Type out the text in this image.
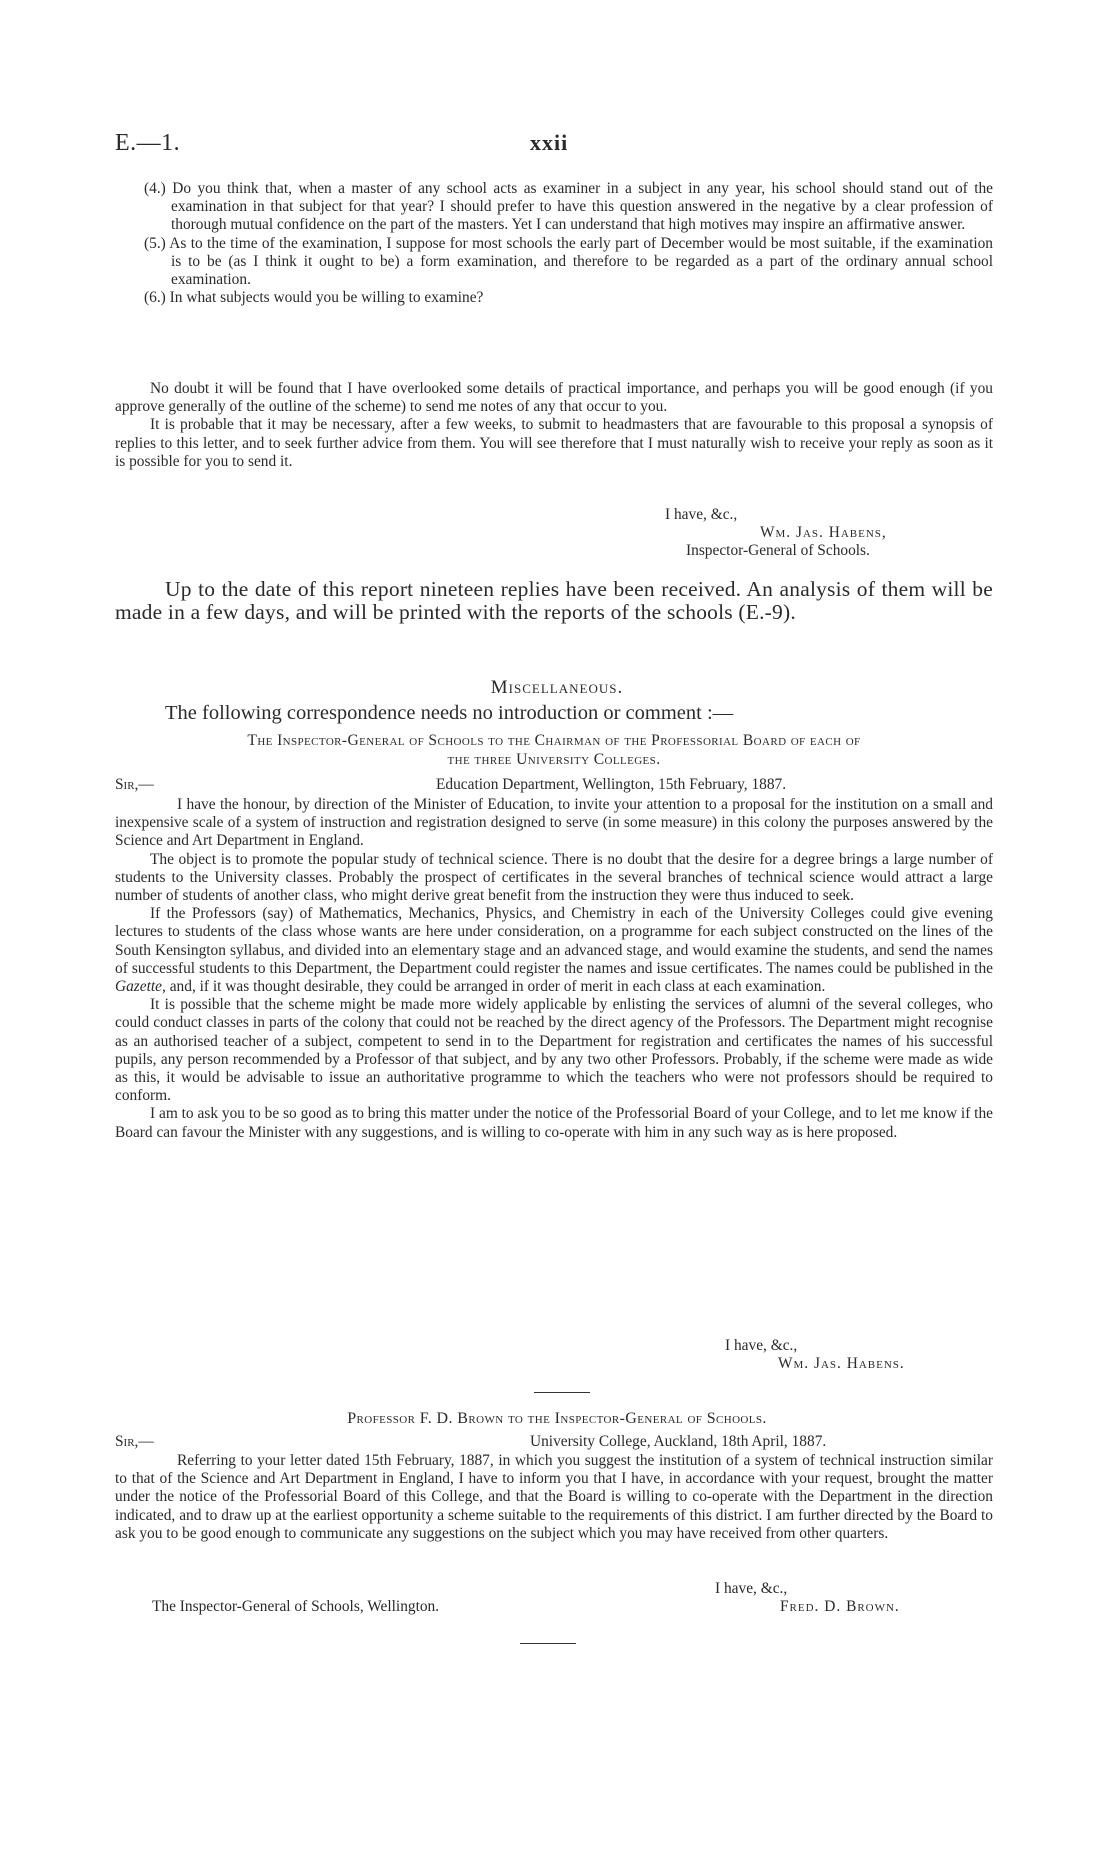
E.—1.	xxii
(4.) Do you think that, when a master of any school acts as examiner in a subject in any year, his school should stand out of the examination in that subject for that year? I should prefer to have this question answered in the negative by a clear profession of thorough mutual confidence on the part of the masters. Yet I can understand that high motives may inspire an affirmative answer.
(5.) As to the time of the examination, I suppose for most schools the early part of December would be most suitable, if the examination is to be (as I think it ought to be) a form examination, and therefore to be regarded as a part of the ordinary annual school examination.
(6.) In what subjects would you be willing to examine?

No doubt it will be found that I have overlooked some details of practical importance, and perhaps you will be good enough (if you approve generally of the outline of the scheme) to send me notes of any that occur to you.

It is probable that it may be necessary, after a few weeks, to submit to headmasters that are favourable to this proposal a synopsis of replies to this letter, and to seek further advice from them. You will see therefore that I must naturally wish to receive your reply as soon as it is possible for you to send it.

I have, &c.,
Wm. Jas. Habens,
Inspector-General of Schools.
Up to the date of this report nineteen replies have been received. An analysis of them will be made in a few days, and will be printed with the reports of the schools (E.-9).
Miscellaneous.
The following correspondence needs no introduction or comment :—
The Inspector-General of Schools to the Chairman of the Professorial Board of each of
the three University Colleges.
Sir,—	Education Department, Wellington, 15th February, 1887.

I have the honour, by direction of the Minister of Education, to invite your attention to a proposal for the institution on a small and inexpensive scale of a system of instruction and registration designed to serve (in some measure) in this colony the purposes answered by the Science and Art Department in England.

The object is to promote the popular study of technical science. There is no doubt that the desire for a degree brings a large number of students to the University classes. Probably the prospect of certificates in the several branches of technical science would attract a large number of students of another class, who might derive great benefit from the instruction they were thus induced to seek.

If the Professors (say) of Mathematics, Mechanics, Physics, and Chemistry in each of the University Colleges could give evening lectures to students of the class whose wants are here under consideration, on a programme for each subject constructed on the lines of the South Kensington syllabus, and divided into an elementary stage and an advanced stage, and would examine the students, and send the names of successful students to this Department, the Department could register the names and issue certificates. The names could be published in the Gazette, and, if it was thought desirable, they could be arranged in order of merit in each class at each examination.

It is possible that the scheme might be made more widely applicable by enlisting the services of alumni of the several colleges, who could conduct classes in parts of the colony that could not be reached by the direct agency of the Professors. The Department might recognise as an authorised teacher of a subject, competent to send in to the Department for registration and certificates the names of his successful pupils, any person recommended by a Professor of that subject, and by any two other Professors. Probably, if the scheme were made as wide as this, it would be advisable to issue an authoritative programme to which the teachers who were not professors should be required to conform.

I am to ask you to be so good as to bring this matter under the notice of the Professorial Board of your College, and to let me know if the Board can favour the Minister with any suggestions, and is willing to co-operate with him in any such way as is here proposed.

I have, &c.,
Wm. Jas. Habens.
Professor F. D. Brown to the Inspector-General of Schools.
Sir,—	University College, Auckland, 18th April, 1887.

Referring to your letter dated 15th February, 1887, in which you suggest the institution of a system of technical instruction similar to that of the Science and Art Department in England, I have to inform you that I have, in accordance with your request, brought the matter under the notice of the Professorial Board of this College, and that the Board is willing to co-operate with the Department in the direction indicated, and to draw up at the earliest opportunity a scheme suitable to the requirements of this district. I am further directed by the Board to ask you to be good enough to communicate any suggestions on the subject which you may have received from other quarters.

I have, &c.,
The Inspector-General of Schools, Wellington.	Fred. D. Brown.
